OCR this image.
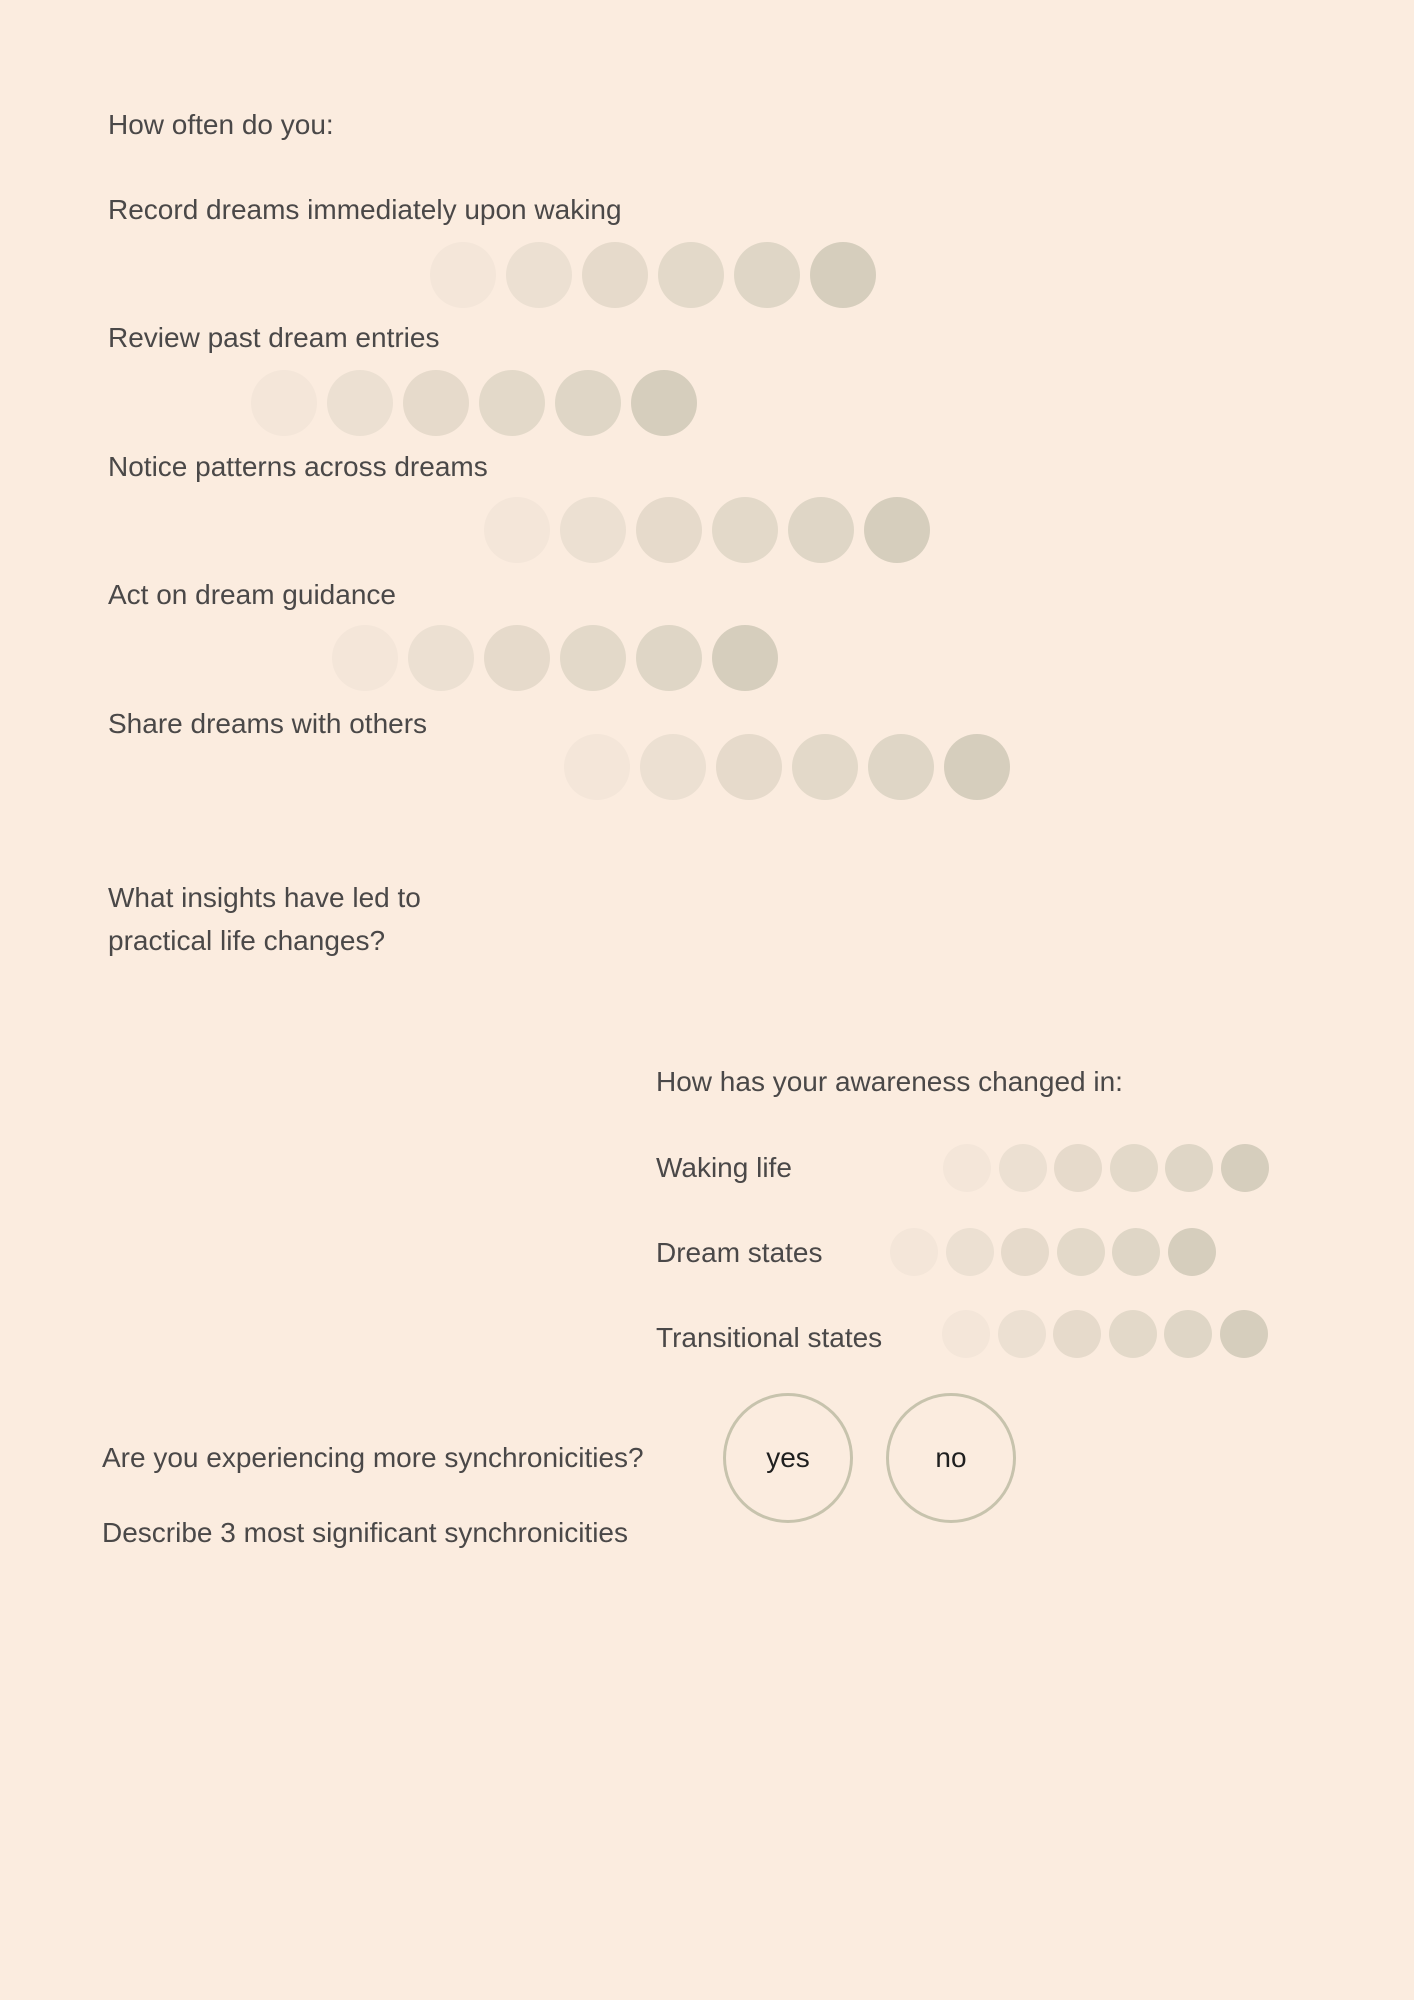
How often do you:
Record dreams immediately upon waking
Review past dream entries
Notice patterns across dreams
Act on dream guidance
Share dreams with others
What insights have led to
practical life changes?
How has your awareness changed in:
Waking life
Dream states
Transitional states
Are you experiencing more synchronicities?	yes	no
Describe 3 most significant synchronicities
